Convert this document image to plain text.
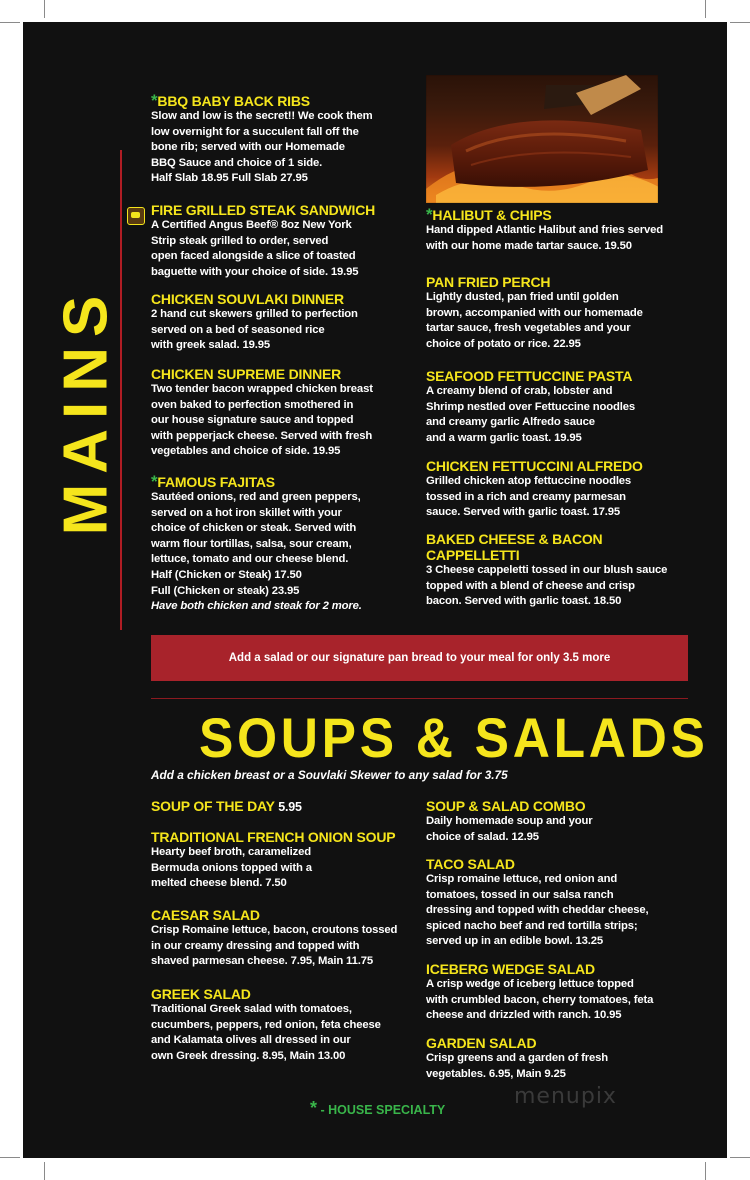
MAINS
*BBQ BABY BACK RIBS
Slow and low is the secret!! We cook them
low overnight for a succulent fall off the
bone rib; served with our Homemade
BBQ Sauce and choice of 1 side.
Half Slab 18.95 Full Slab 27.95
FIRE GRILLED STEAK SANDWICH
A Certified Angus Beef® 8oz New York
Strip steak grilled to order, served
open faced alongside a slice of toasted
baguette with your choice of side. 19.95
CHICKEN SOUVLAKI DINNER
2 hand cut skewers grilled to perfection
served on a bed of seasoned rice
with greek salad. 19.95
CHICKEN SUPREME DINNER
Two tender bacon wrapped chicken breast
oven baked to perfection smothered in
our house signature sauce and topped
with pepperjack cheese. Served with fresh
vegetables and choice of side. 19.95
*FAMOUS FAJITAS
Sautéed onions, red and green peppers,
served on a hot iron skillet with your
choice of chicken or steak. Served with
warm flour tortillas, salsa, sour cream,
lettuce, tomato and our cheese blend.
Half (Chicken or Steak) 17.50
Full (Chicken or steak) 23.95
Have both chicken and steak for 2 more.
*HALIBUT & CHIPS
Hand dipped Atlantic Halibut and fries served
with our home made tartar sauce. 19.50
PAN FRIED PERCH
Lightly dusted, pan fried until golden
brown, accompanied with our homemade
tartar sauce, fresh vegetables and your
choice of potato or rice. 22.95
SEAFOOD FETTUCCINE PASTA
A creamy blend of crab, lobster and
Shrimp nestled over Fettuccine noodles
and creamy garlic Alfredo sauce
and a warm garlic toast. 19.95
CHICKEN FETTUCCINI ALFREDO
Grilled chicken atop fettuccine noodles
tossed in a rich and creamy parmesan
sauce. Served with garlic toast. 17.95
BAKED CHEESE & BACON
CAPPELLETTI
3 Cheese cappeletti tossed in our blush sauce
topped with a blend of cheese and crisp
bacon. Served with garlic toast. 18.50
Add a salad or our signature pan bread to your meal for only 3.5 more
SOUPS & SALADS
Add a chicken breast or a Souvlaki Skewer to any salad for 3.75
SOUP OF THE DAY 5.95
TRADITIONAL FRENCH ONION SOUP
Hearty beef broth, caramelized
Bermuda onions topped with a
melted cheese blend. 7.50
CAESAR SALAD
Crisp Romaine lettuce, bacon, croutons tossed
in our creamy dressing and topped with
shaved parmesan cheese. 7.95, Main 11.75
GREEK SALAD
Traditional Greek salad with tomatoes,
cucumbers, peppers, red onion, feta cheese
and Kalamata olives all dressed in our
own Greek dressing. 8.95, Main 13.00
SOUP & SALAD COMBO
Daily homemade soup and your
choice of salad. 12.95
TACO SALAD
Crisp romaine lettuce, red onion and
tomatoes, tossed in our salsa ranch
dressing and topped with cheddar cheese,
spiced nacho beef and red tortilla strips;
served up in an edible bowl. 13.25
ICEBERG WEDGE SALAD
A crisp wedge of iceberg lettuce topped
with crumbled bacon, cherry tomatoes, feta
cheese and drizzled with ranch. 10.95
GARDEN SALAD
Crisp greens and a garden of fresh
vegetables. 6.95, Main 9.25
* - HOUSE SPECIALTY
menupix
